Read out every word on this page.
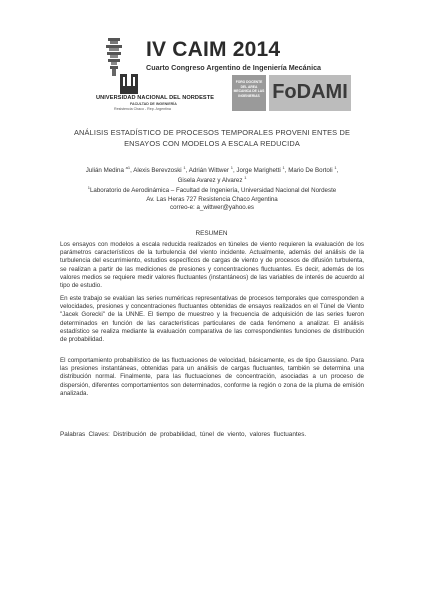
IV CAIM 2014
Cuarto Congreso Argentino de Ingeniería Mecánica
UNIVERSIDAD NACIONAL DEL NORDESTE
FACULTAD DE INGENIERÍA
Resistencia Chaco - Rep. Argentina
FORO DOCENTE DEL AREA MECANICA DE LAS INGENIERIAS FoDAMI
ANÁLISIS ESTADÍSTICO DE PROCESOS TEMPORALES PROVENI ENTES DE
ENSAYOS CON MODELOS A ESCALA REDUCIDA
Julián Medina $^{a1}$, Alexis Berevzoski $^1$, Adrián Wittwer $^1$, Jorge Marighetti $^1$, Mario De Bortoli $^1$,
Gisela Avarez y Alvarez $^1$
$^1$Laboratorio de Aerodinámica – Facultad de Ingeniería, Universidad Nacional del Nordeste
Av. Las Heras 727 Resistencia Chaco Argentina
correo-e: a_wittwer@yahoo.es
RESUMEN
Los ensayos con modelos a escala reducida realizados en túneles de viento requieren la evaluación de los parámetros característicos de la turbulencia del viento incidente. Actualmente, además del análisis de la turbulencia del escurrimiento, estudios específicos de cargas de viento y de procesos de difusión turbulenta, se realizan a partir de las mediciones de presiones y concentraciones fluctuantes. Es decir, además de los valores medios se requiere medir valores fluctuantes (instantáneos) de las variables de interés de acuerdo al tipo de estudio.
En este trabajo se evalúan las series numéricas representativas de procesos temporales que corresponden a velocidades, presiones y concentraciones fluctuantes obtenidas de ensayos realizados en el Túnel de Viento "Jacek Gorecki" de la UNNE. El tiempo de muestreo y la frecuencia de adquisición de las series fueron determinados en función de las características particulares de cada fenómeno a analizar. El análisis estadístico se realiza mediante la evaluación comparativa de las correspondientes funciones de distribución de probabilidad.
El comportamiento probabilístico de las fluctuaciones de velocidad, básicamente, es de tipo Gaussiano. Para las presiones instantáneas, obtenidas para un análisis de cargas fluctuantes, también se determina una distribución normal. Finalmente, para las fluctuaciones de concentración, asociadas a un proceso de dispersión, diferentes comportamientos son determinados, conforme la región o zona de la pluma de emisión analizada.
Palabras Claves: Distribución de probabilidad, túnel de viento, valores fluctuantes.
